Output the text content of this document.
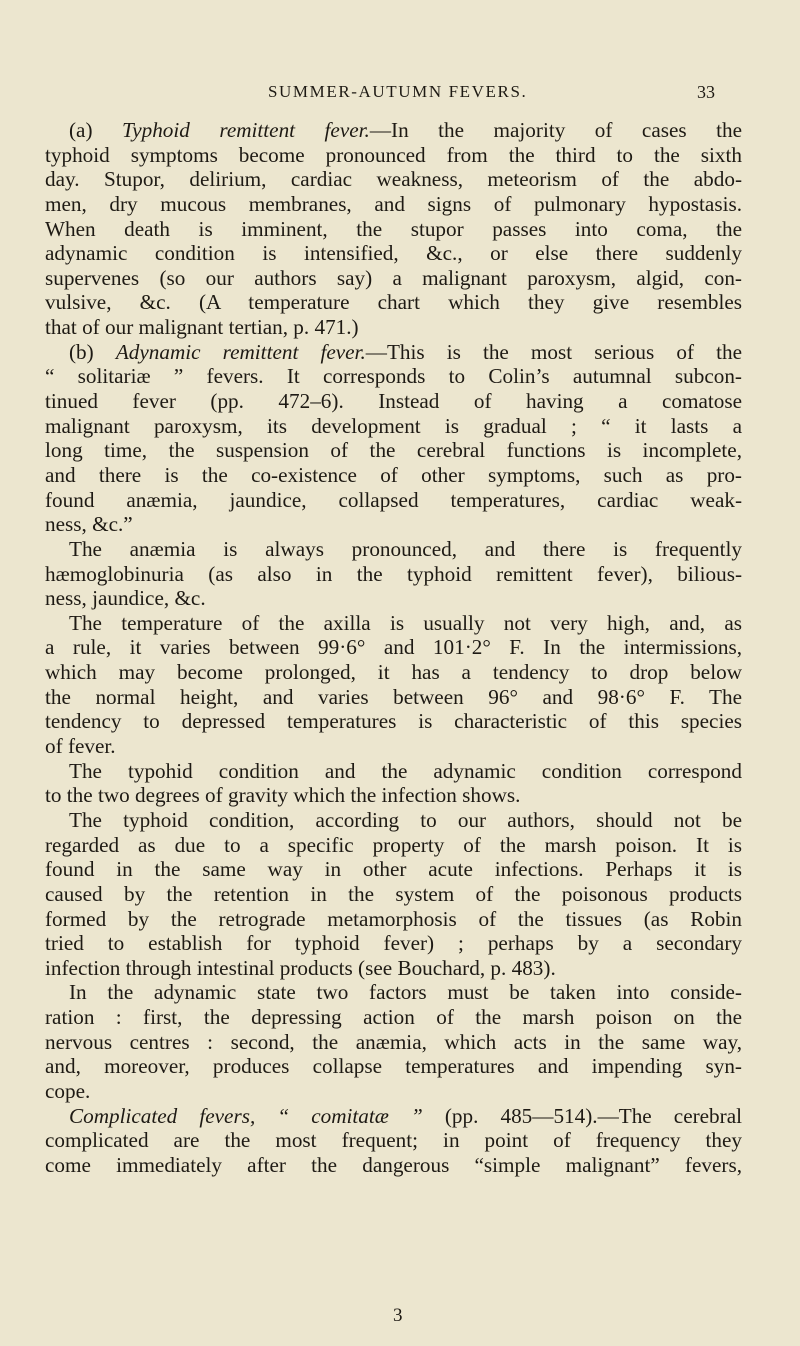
SUMMER-AUTUMN FEVERS.	33
(a) Typhoid remittent fever.—In the majority of cases the
typhoid symptoms become pronounced from the third to the sixth
day. Stupor, delirium, cardiac weakness, meteorism of the abdo-
men, dry mucous membranes, and signs of pulmonary hypostasis.
When death is imminent, the stupor passes into coma, the
adynamic condition is intensified, &c., or else there suddenly
supervenes (so our authors say) a malignant paroxysm, algid, con-
vulsive, &c. (A temperature chart which they give resembles
that of our malignant tertian, p. 471.)
(b) Adynamic remittent fever.—This is the most serious of the
“ solitariæ ” fevers. It corresponds to Colin’s autumnal subcon-
tinued fever (pp. 472–6). Instead of having a comatose
malignant paroxysm, its development is gradual ; “ it lasts a
long time, the suspension of the cerebral functions is incomplete,
and there is the co-existence of other symptoms, such as pro-
found anæmia, jaundice, collapsed temperatures, cardiac weak-
ness, &c.”
The anæmia is always pronounced, and there is frequently
hæmoglobinuria (as also in the typhoid remittent fever), bilious-
ness, jaundice, &c.
The temperature of the axilla is usually not very high, and, as
a rule, it varies between 99·6° and 101·2° F. In the intermissions,
which may become prolonged, it has a tendency to drop below
the normal height, and varies between 96° and 98·6° F. The
tendency to depressed temperatures is characteristic of this species
of fever.
The typohid condition and the adynamic condition correspond
to the two degrees of gravity which the infection shows.
The typhoid condition, according to our authors, should not be
regarded as due to a specific property of the marsh poison. It is
found in the same way in other acute infections. Perhaps it is
caused by the retention in the system of the poisonous products
formed by the retrograde metamorphosis of the tissues (as Robin
tried to establish for typhoid fever) ; perhaps by a secondary
infection through intestinal products (see Bouchard, p. 483).
In the adynamic state two factors must be taken into conside-
ration : first, the depressing action of the marsh poison on the
nervous centres : second, the anæmia, which acts in the same way,
and, moreover, produces collapse temperatures and impending syn-
cope.
Complicated fevers, “ comitatæ ” (pp. 485—514).—The cerebral
complicated are the most frequent; in point of frequency they
come immediately after the dangerous “simple malignant” fevers,
3
